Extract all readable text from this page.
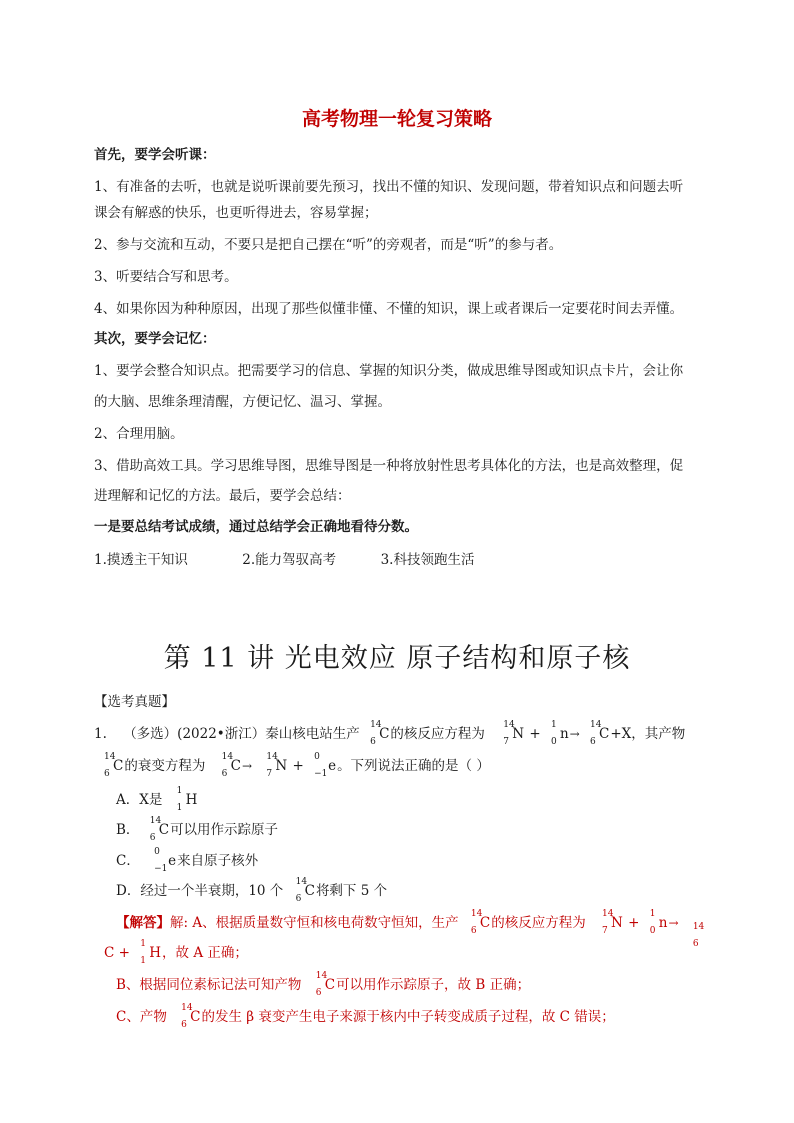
高考物理一轮复习策略
首先，要学会听课：
1、有准备的去听，也就是说听课前要先预习，找出不懂的知识、发现问题，带着知识点和问题去听
课会有解惑的快乐，也更听得进去，容易掌握；
2、参与交流和互动，不要只是把自己摆在“听”的旁观者，而是“听”的参与者。
3、听要结合写和思考。
4、如果你因为种种原因，出现了那些似懂非懂、不懂的知识，课上或者课后一定要花时间去弄懂。
其次，要学会记忆：
1、要学会整合知识点。把需要学习的信息、掌握的知识分类，做成思维导图或知识点卡片，会让你
的大脑、思维条理清醒，方便记忆、温习、掌握。
2、合理用脑。
3、借助高效工具。学习思维导图，思维导图是一种将放射性思考具体化的方法，也是高效整理，促
进理解和记忆的方法。最后，要学会总结：
一是要总结考试成绩，通过总结学会正确地看待分数。
1.摸透主干知识	2.能力驾驭高考	3.科技领跑生活
第 11 讲 光电效应 原子结构和原子核
【选考真题】
1. （多选）(2022•浙江）秦山核电站生产
14
6 C的核反应方程为
14
7 N +
1
0 n→
14
6 C+X，其产物
14
6 C的衰变方程为
14
6 C→
14
7 N +
0
−1 e。下列说法正确的是（ ）
A．X是
1
1 H
B．
14
6 C可以用作示踪原子
C．
0
−1 e来自原子核外
D．经过一个半衰期，10 个
14
6 C将剩下 5 个
【解答】解: A、根据质量数守恒和核电荷数守恒知，生产
14
6 C的核反应方程为
14
7 N +
1
0 n→ 14
6
C +
1
1 H，故 A 正确；
B、根据同位素标记法可知产物
14
6 C可以用作示踪原子，故 B 正确；
C、产物
14
6 C的发生 β 衰变产生电子来源于核内中子转变成质子过程，故 C 错误；
